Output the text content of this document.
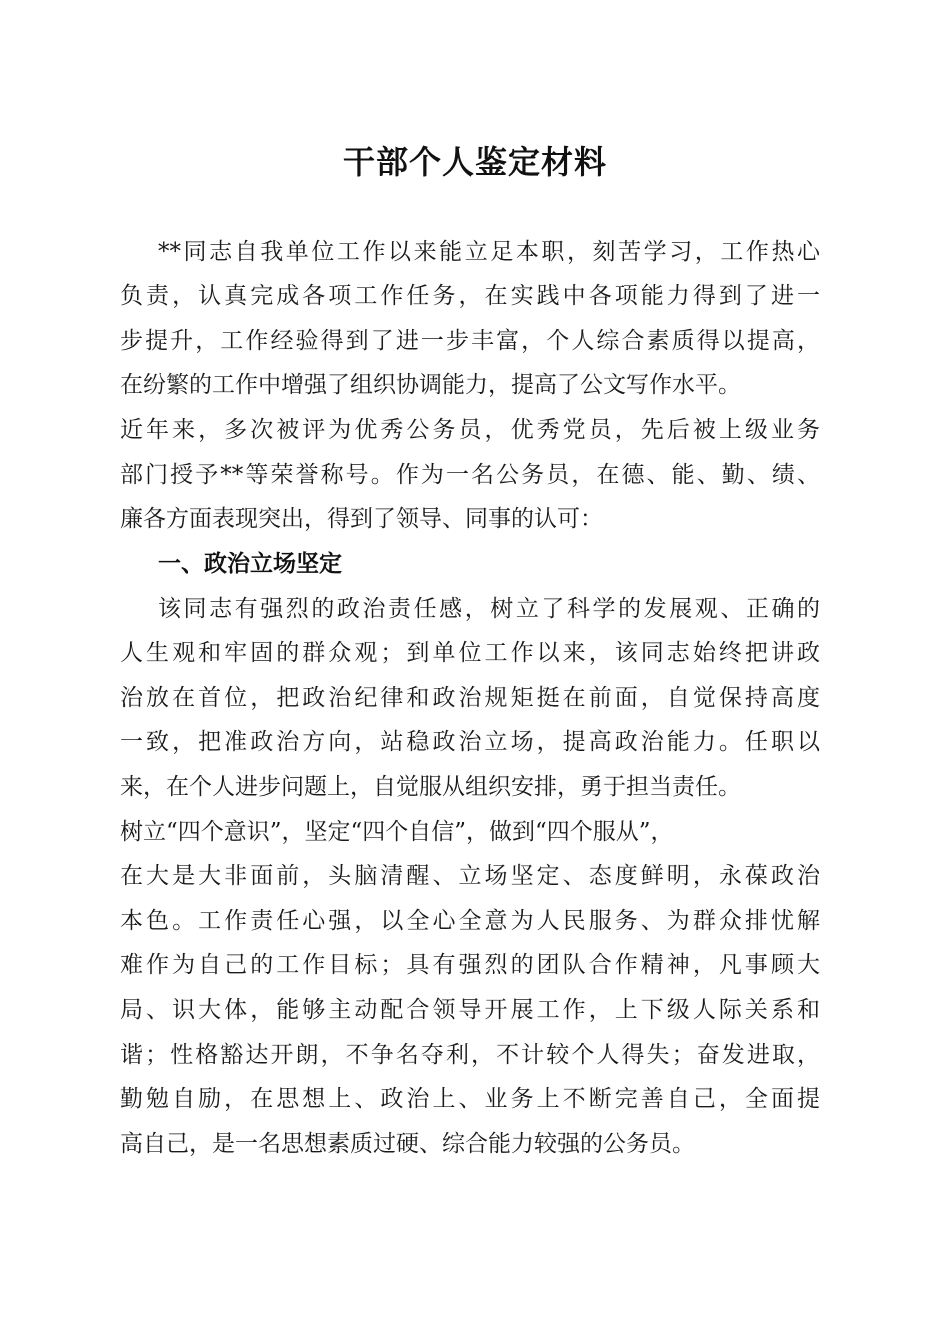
干部个人鉴定材料

**同志自我单位工作以来能立足本职，刻苦学习，工作热心

负责，认真完成各项工作任务，在实践中各项能力得到了进一

步提升，工作经验得到了进一步丰富，个人综合素质得以提高，

在纷繁的工作中增强了组织协调能力，提高了公文写作水平。

近年来，多次被评为优秀公务员，优秀党员，先后被上级业务

部门授予**等荣誉称号。作为一名公务员，在德、能、勤、绩、

廉各方面表现突出，得到了领导、同事的认可：

一、政治立场坚定

该同志有强烈的政治责任感，树立了科学的发展观、正确的

人生观和牢固的群众观；到单位工作以来，该同志始终把讲政

治放在首位，把政治纪律和政治规矩挺在前面，自觉保持高度

一致，把准政治方向，站稳政治立场，提高政治能力。任职以

来，在个人进步问题上，自觉服从组织安排，勇于担当责任。

树立“四个意识”，坚定“四个自信”，做到“四个服从”，

在大是大非面前，头脑清醒、立场坚定、态度鲜明，永葆政治

本色。工作责任心强，以全心全意为人民服务、为群众排忧解

难作为自己的工作目标；具有强烈的团队合作精神，凡事顾大

局、识大体，能够主动配合领导开展工作，上下级人际关系和

谐；性格豁达开朗，不争名夺利，不计较个人得失；奋发进取，

勤勉自励，在思想上、政治上、业务上不断完善自己，全面提

高自己，是一名思想素质过硬、综合能力较强的公务员。
